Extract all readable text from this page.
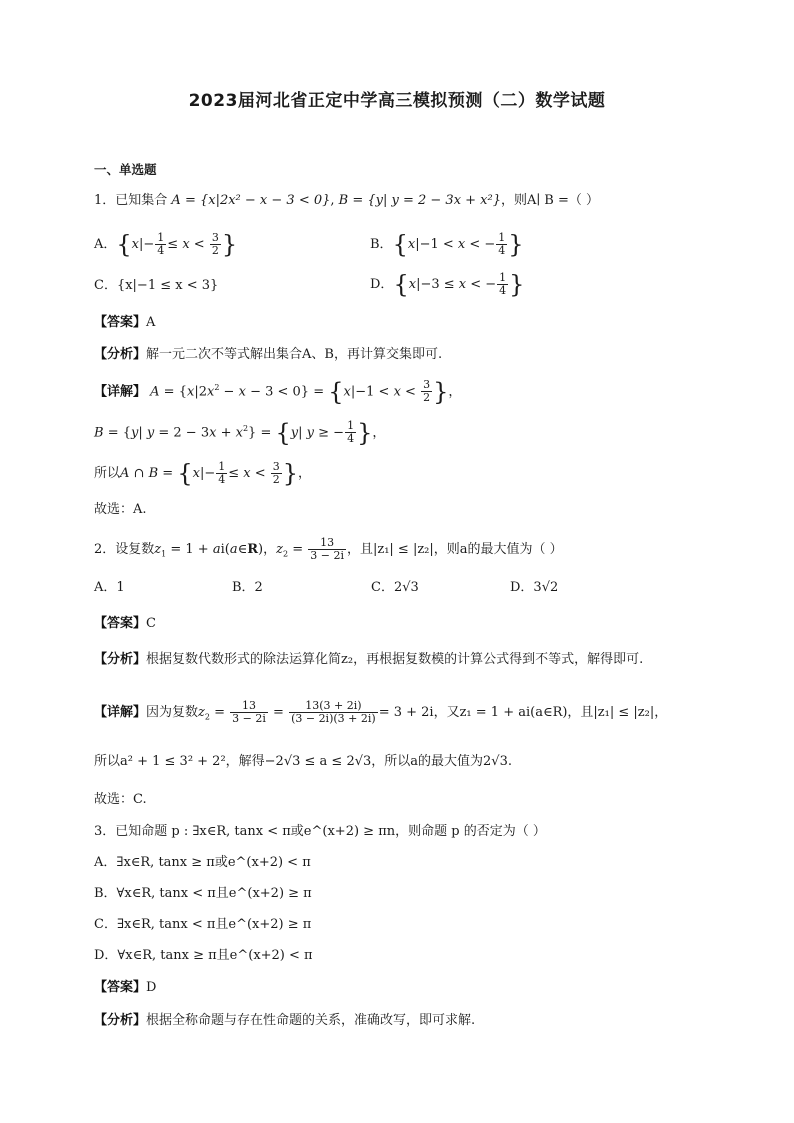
2023届河北省正定中学高三模拟预测（二）数学试题
一、单选题
1．已知集合 A = {x|2x² − x − 3 < 0}, B = {y| y = 2 − 3x + x²}，则A∣ B =（ ）
A．{$x|- \frac{1}{4} \le x < \frac{3}{2}$ }	B．{x|−1 < x < − $\frac{1}{4}$ }
C．{x|−1 ≤ x < 3}	D．{x|−3 ≤ x < − $\frac{1}{4}$ }
【答案】A
【分析】解一元二次不等式解出集合A、B，再计算交集即可.
【详解】 $A = \{x|2x^2 - x - 3 < 0\} = \{x|-1 < x < \frac{3}{2}$ }，
B = {y| $y = 2 - 3x + x^2\} = \{y|$ y ≥ − $\frac{1}{4}$ }，
所以A ∩ $B = \{x|- \frac{1}{4} \le x < \frac{3}{2}$ }，
故选：A.
2．设复数$z_1 = 1$ + ai(a∈R)，$z_2 = \frac{13}{3 - 2i}$ ，且|z₁| ≤ |z₂|，则a的最大值为（ ）
A．1	B．2	C．2√3	D．3√2
【答案】C
【分析】根据复数代数形式的除法运算化简z₂，再根据复数模的计算公式得到不等式，解得即可.
【详解】因为复数$z_2 = \frac{13}{3 - 2i} = \frac{13(3 + 2i)}{(3 - 2i)(3 + 2i)} = 3 + 2i$，又z₁ = 1 + ai(a∈R)，且|z₁| ≤ |z₂|，
所以a² + 1 ≤ 3² + 2²，解得−2√3 ≤ a ≤ 2√3，所以a的最大值为2√3.
故选：C.
3．已知命题 p : ∃x∈R, tanx < π或e^(x+2) ≥ πn，则命题 p 的否定为（ ）
A．∃x∈R, tanx ≥ π或e^(x+2) < π
B．∀x∈R, tanx < π且e^(x+2) ≥ π
C．∃x∈R, tanx < π且e^(x+2) ≥ π
D．∀x∈R, tanx ≥ π且e^(x+2) < π
【答案】D
【分析】根据全称命题与存在性命题的关系，准确改写，即可求解.
